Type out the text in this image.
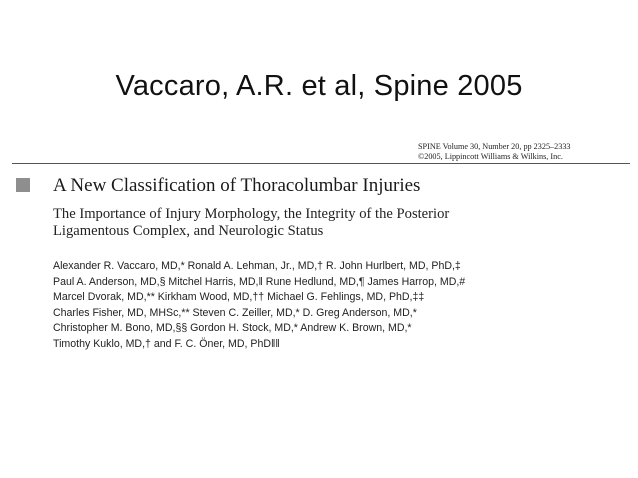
Vaccaro, A.R. et al, Spine 2005
SPINE Volume 30, Number 20, pp 2325–2333
©2005, Lippincott Williams & Wilkins, Inc.
A New Classification of Thoracolumbar Injuries
The Importance of Injury Morphology, the Integrity of the Posterior
Ligamentous Complex, and Neurologic Status
Alexander R. Vaccaro, MD,* Ronald A. Lehman, Jr., MD,† R. John Hurlbert, MD, PhD,‡
Paul A. Anderson, MD,§ Mitchel Harris, MD,‖ Rune Hedlund, MD,¶ James Harrop, MD,#
Marcel Dvorak, MD,** Kirkham Wood, MD,†† Michael G. Fehlings, MD, PhD,‡‡
Charles Fisher, MD, MHSc,** Steven C. Zeiller, MD,* D. Greg Anderson, MD,*
Christopher M. Bono, MD,§§ Gordon H. Stock, MD,* Andrew K. Brown, MD,*
Timothy Kuklo, MD,† and F. C. Öner, MD, PhD‖‖
